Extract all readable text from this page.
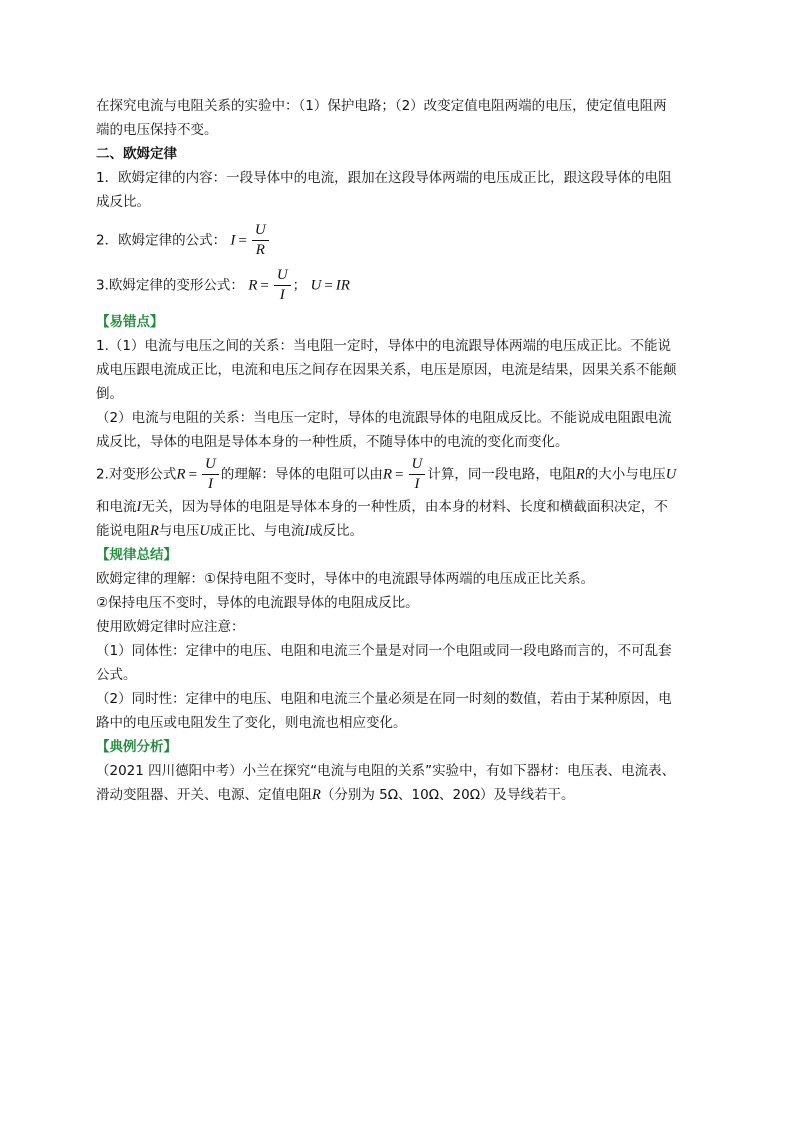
在探究电流与电阻关系的实验中：（1）保护电路；（2）改变定值电阻两端的电压，使定值电阻两

端的电压保持不变。

二、欧姆定律

1．欧姆定律的内容：一段导体中的电流，跟加在这段导体两端的电压成正比，跟这段导体的电阻

成反比。

2．欧姆定律的公式： $I = \frac{U}{R}$

3.欧姆定律的变形公式： $R = \frac{U}{I}$ ； U = IR

【易错点】

1.（1）电流与电压之间的关系：当电阻一定时，导体中的电流跟导体两端的电压成正比。不能说

成电压跟电流成正比，电流和电压之间存在因果关系，电压是原因，电流是结果，因果关系不能颠

倒。

（2）电流与电阻的关系：当电压一定时，导体的电流跟导体的电阻成反比。不能说成电阻跟电流

成反比，导体的电阻是导体本身的一种性质，不随导体中的电流的变化而变化。

2.对变形公式$R = \frac{U}{I}$ 的理解：导体的电阻可以由$R = \frac{U}{I}$ 计算，同一段电路，电阻R的大小与电压U

和电流I无关，因为导体的电阻是导体本身的一种性质，由本身的材料、长度和横截面积决定，不

能说电阻R与电压U成正比、与电流I成反比。

【规律总结】

欧姆定律的理解：①保持电阻不变时，导体中的电流跟导体两端的电压成正比关系。

②保持电压不变时，导体的电流跟导体的电阻成反比。

使用欧姆定律时应注意：

（1）同体性：定律中的电压、电阻和电流三个量是对同一个电阻或同一段电路而言的，不可乱套

公式。

（2）同时性：定律中的电压、电阻和电流三个量必须是在同一时刻的数值，若由于某种原因，电

路中的电压或电阻发生了变化，则电流也相应变化。

【典例分析】

（2021 四川德阳中考）小兰在探究“电流与电阻的关系”实验中，有如下器材：电压表、电流表、

滑动变阻器、开关、电源、定值电阻R（分别为 5Ω、10Ω、20Ω）及导线若干。
